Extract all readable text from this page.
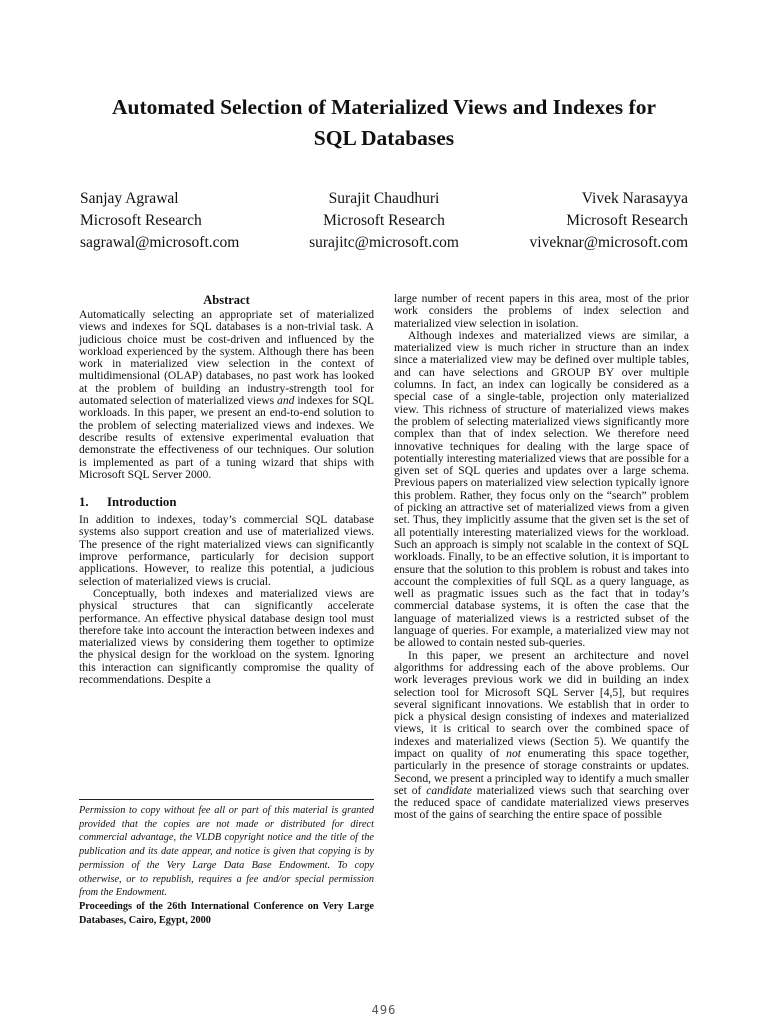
Automated Selection of Materialized Views and Indexes for
SQL Databases
Sanjay Agrawal
Microsoft Research
sagrawal@microsoft.com
Surajit Chaudhuri
Microsoft Research
surajitc@microsoft.com
Vivek Narasayya
Microsoft Research
viveknar@microsoft.com
Abstract

Automatically selecting an appropriate set of materialized views and indexes for SQL databases is a non-trivial task. A judicious choice must be cost-driven and influenced by the workload experienced by the system. Although there has been work in materialized view selection in the context of multidimensional (OLAP) databases, no past work has looked at the problem of building an industry-strength tool for automated selection of materialized views and indexes for SQL workloads. In this paper, we present an end-to-end solution to the problem of selecting materialized views and indexes. We describe results of extensive experimental evaluation that demonstrate the effectiveness of our techniques. Our solution is implemented as part of a tuning wizard that ships with Microsoft SQL Server 2000.

1. Introduction

In addition to indexes, today’s commercial SQL database systems also support creation and use of materialized views. The presence of the right materialized views can significantly improve performance, particularly for decision support applications. However, to realize this potential, a judicious selection of materialized views is crucial.

Conceptually, both indexes and materialized views are physical structures that can significantly accelerate performance. An effective physical database design tool must therefore take into account the interaction between indexes and materialized views by considering them together to optimize the physical design for the workload on the system. Ignoring this interaction can significantly compromise the quality of recommendations. Despite a

large number of recent papers in this area, most of the prior work considers the problems of index selection and materialized view selection in isolation.

Although indexes and materialized views are similar, a materialized view is much richer in structure than an index since a materialized view may be defined over multiple tables, and can have selections and GROUP BY over multiple columns. In fact, an index can logically be considered as a special case of a single-table, projection only materialized view. This richness of structure of materialized views makes the problem of selecting materialized views significantly more complex than that of index selection. We therefore need innovative techniques for dealing with the large space of potentially interesting materialized views that are possible for a given set of SQL queries and updates over a large schema. Previous papers on materialized view selection typically ignore this problem. Rather, they focus only on the “search” problem of picking an attractive set of materialized views from a given set. Thus, they implicitly assume that the given set is the set of all potentially interesting materialized views for the workload. Such an approach is simply not scalable in the context of SQL workloads. Finally, to be an effective solution, it is important to ensure that the solution to this problem is robust and takes into account the complexities of full SQL as a query language, as well as pragmatic issues such as the fact that in today’s commercial database systems, it is often the case that the language of materialized views is a restricted subset of the language of queries. For example, a materialized view may not be allowed to contain nested sub-queries.

In this paper, we present an architecture and novel algorithms for addressing each of the above problems. Our work leverages previous work we did in building an index selection tool for Microsoft SQL Server [4,5], but requires several significant innovations. We establish that in order to pick a physical design consisting of indexes and materialized views, it is critical to search over the combined space of indexes and materialized views (Section 5). We quantify the impact on quality of not enumerating this space together, particularly in the presence of storage constraints or updates. Second, we present a principled way to identify a much smaller set of candidate materialized views such that searching over the reduced space of candidate materialized views preserves most of the gains of searching the entire space of possible

Permission to copy without fee all or part of this material is granted provided that the copies are not made or distributed for direct commercial advantage, the VLDB copyright notice and the title of the publication and its date appear, and notice is given that copying is by permission of the Very Large Data Base Endowment. To copy otherwise, or to republish, requires a fee and/or special permission from the Endowment.

Proceedings of the 26th International Conference on Very Large Databases, Cairo, Egypt, 2000

496
